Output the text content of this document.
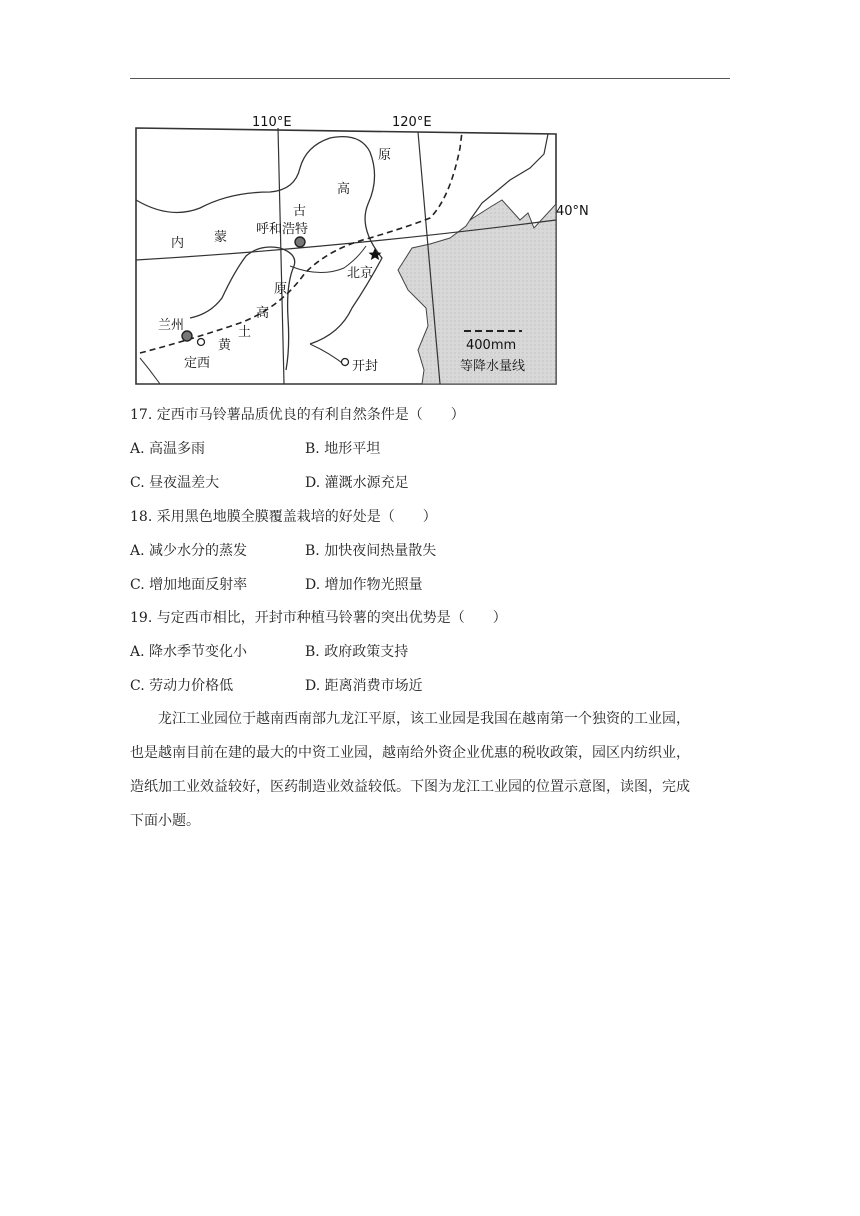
110°E	120°E
40°N
原
高
古
呼和浩特
内 蒙
北京
原
高
兰州	土
黄
定西	开封
400mm
等降水量线
17. 定西市马铃薯品质优良的有利自然条件是（　　）
A. 高温多雨	B. 地形平坦
C. 昼夜温差大	D. 灌溉水源充足
18. 采用黑色地膜全膜覆盖栽培的好处是（　　）
A. 减少水分的蒸发	B. 加快夜间热量散失
C. 增加地面反射率	D. 增加作物光照量
19. 与定西市相比，开封市种植马铃薯的突出优势是（　　）
A. 降水季节变化小	B. 政府政策支持
C. 劳动力价格低	D. 距离消费市场近

　　龙江工业园位于越南西南部九龙江平原，该工业园是我国在越南第一个独资的工业园，

也是越南目前在建的最大的中资工业园，越南给外资企业优惠的税收政策，园区内纺织业，

造纸加工业效益较好，医药制造业效益较低。下图为龙江工业园的位置示意图，读图，完成

下面小题。
